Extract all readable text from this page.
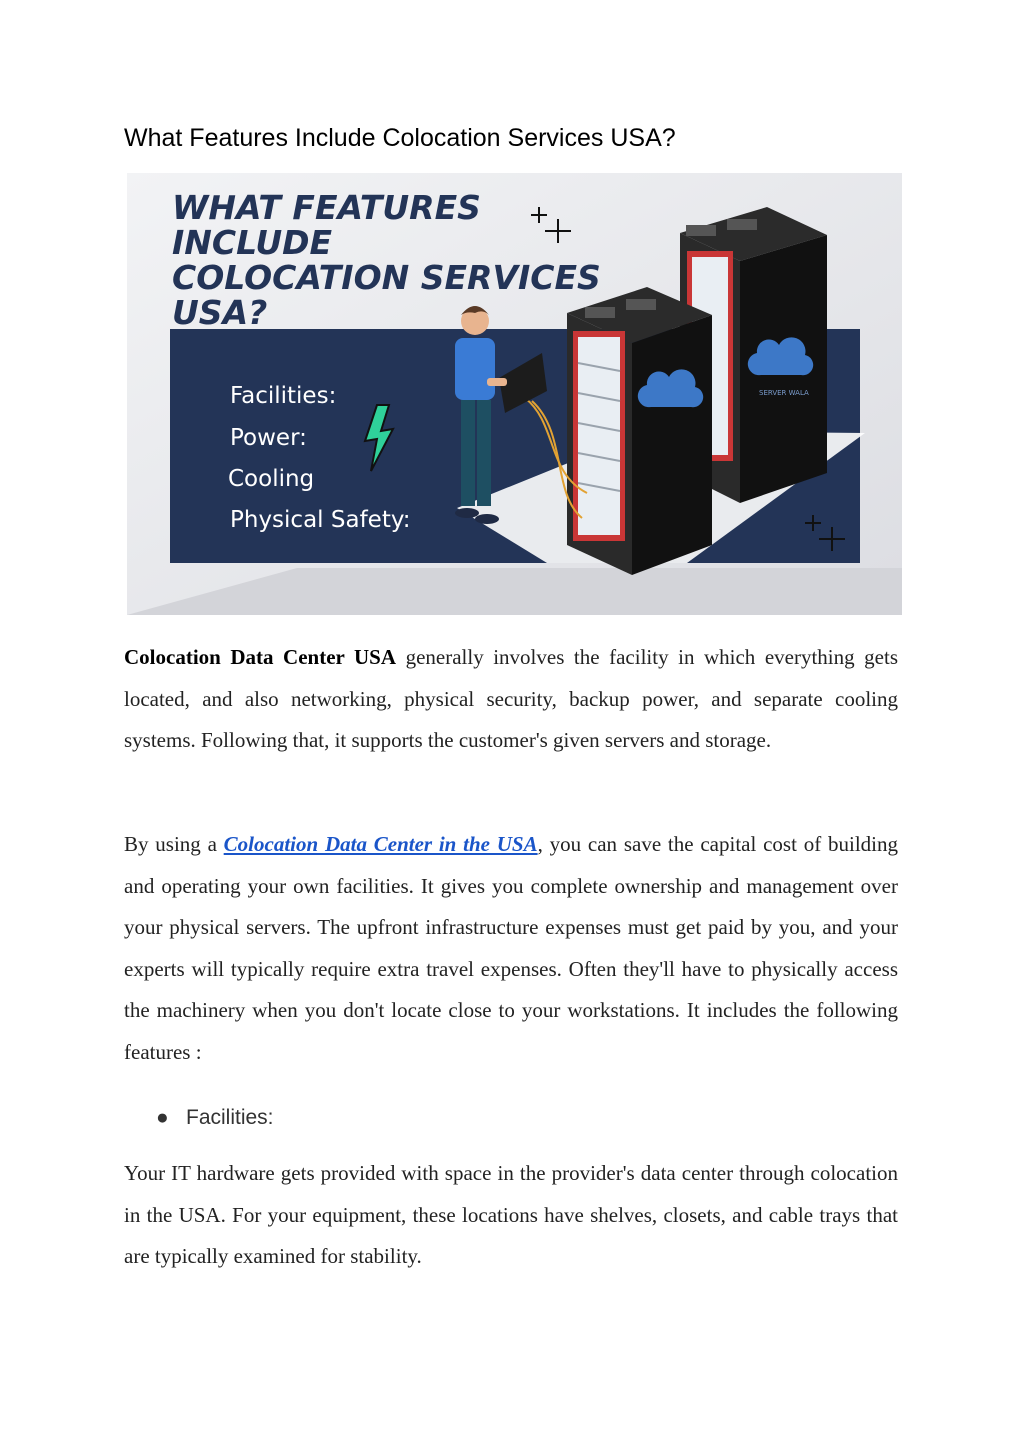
What Features Include Colocation Services USA?
WHAT FEATURES
INCLUDE
COLOCATION SERVICES
USA?
Facilities:
Power:
Cooling
Physical Safety:
SERVER WALA

Colocation Data Center USA generally involves the facility in which everything gets located, and also networking, physical security, backup power, and separate cooling systems. Following that, it supports the customer's given servers and storage.

By using a Colocation Data Center in the USA, you can save the capital cost of building and operating your own facilities. It gives you complete ownership and management over your physical servers. The upfront infrastructure expenses must get paid by you, and your experts will typically require extra travel expenses. Often they'll have to physically access the machinery when you don't locate close to your workstations. It includes the following features :

● Facilities:

Your IT hardware gets provided with space in the provider's data center through colocation in the USA. For your equipment, these locations have shelves, closets, and cable trays that are typically examined for stability.
